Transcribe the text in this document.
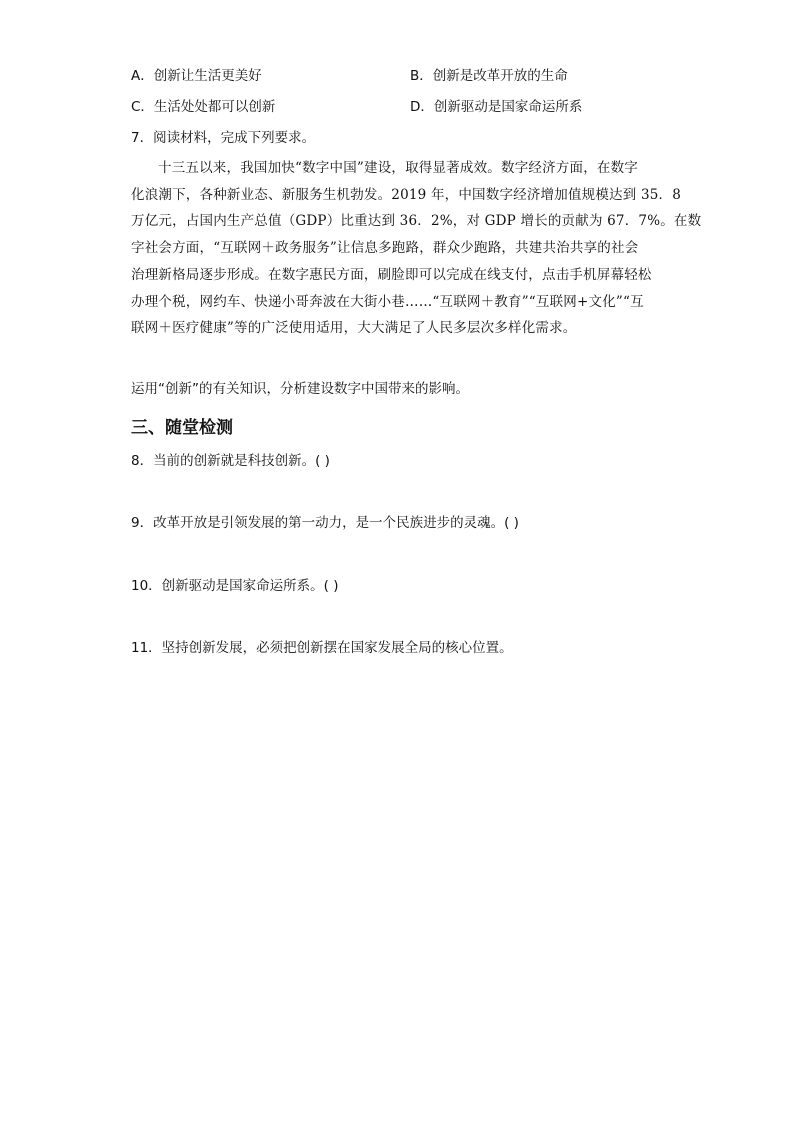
A．创新让生活更美好	B．创新是改革开放的生命
C．生活处处都可以创新	D．创新驱动是国家命运所系
7．阅读材料，完成下列要求。

十三五以来，我国加快“数字中国”建设，取得显著成效。数字经济方面，在数字

化浪潮下，各种新业态、新服务生机勃发。2019 年，中国数字经济增加值规模达到 35．8

万亿元，占国内生产总值（GDP）比重达到 36．2%，对 GDP 增长的贡献为 67．7%。在数

字社会方面，“互联网＋政务服务”让信息多跑路，群众少跑路，共建共治共享的社会

治理新格局逐步形成。在数字惠民方面，刷脸即可以完成在线支付，点击手机屏幕轻松

办理个税，网约车、快递小哥奔波在大街小巷……“互联网＋教育”“互联网+文化”“互

联网＋医疗健康”等的广泛使用适用，大大满足了人民多层次多样化需求。

运用“创新”的有关知识，分析建设数字中国带来的影响。
三、随堂检测
8．当前的创新就是科技创新。( )
9．改革开放是引领发展的第一动力，是一个民族进步的灵魂。( )
10．创新驱动是国家命运所系。( )
11．坚持创新发展，必须把创新摆在国家发展全局的核心位置。
